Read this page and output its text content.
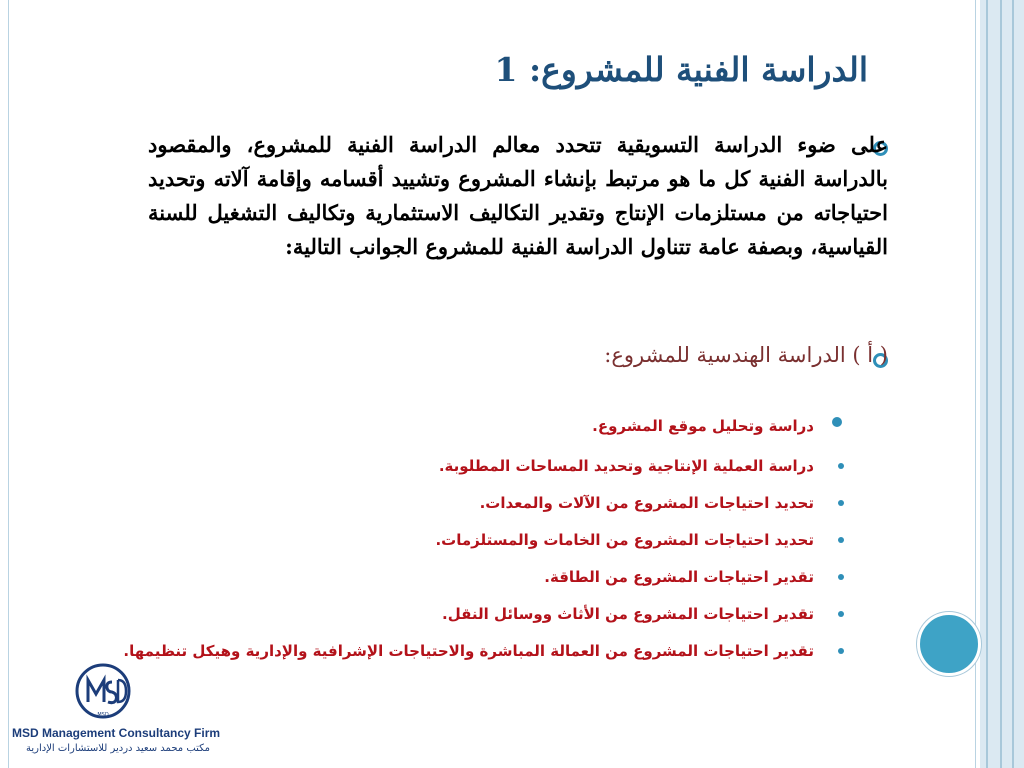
الدراسة الفنية للمشروع: 1
على ضوء الدراسة التسويقية تتحدد معالم الدراسة الفنية للمشروع، والمقصود بالدراسة الفنية كل ما هو مرتبط بإنشاء المشروع وتشييد أقسامه وإقامة آلاته وتحديد احتياجاته من مستلزمات الإنتاج وتقدير التكاليف الاستثمارية وتكاليف التشغيل للسنة القياسية، وبصفة عامة تتناول الدراسة الفنية للمشروع الجوانب التالية:
( أ ) الدراسة الهندسية للمشروع:
دراسة وتحليل موقع المشروع.
دراسة العملية الإنتاجية وتحديد المساحات المطلوبة.
تحديد احتياجات المشروع من الآلات والمعدات.
تحديد احتياجات المشروع من الخامات والمستلزمات.
تقدير احتياجات المشروع من الطاقة.
تقدير احتياجات المشروع من الأثاث ووسائل النقل.
تقدير احتياجات المشروع من العمالة المباشرة والاحتياجات الإشرافية والإدارية وهيكل تنظيمها.
MSD
MSD Management Consultancy Firm
مكتب محمد سعيد دردير للاستشارات الإدارية
